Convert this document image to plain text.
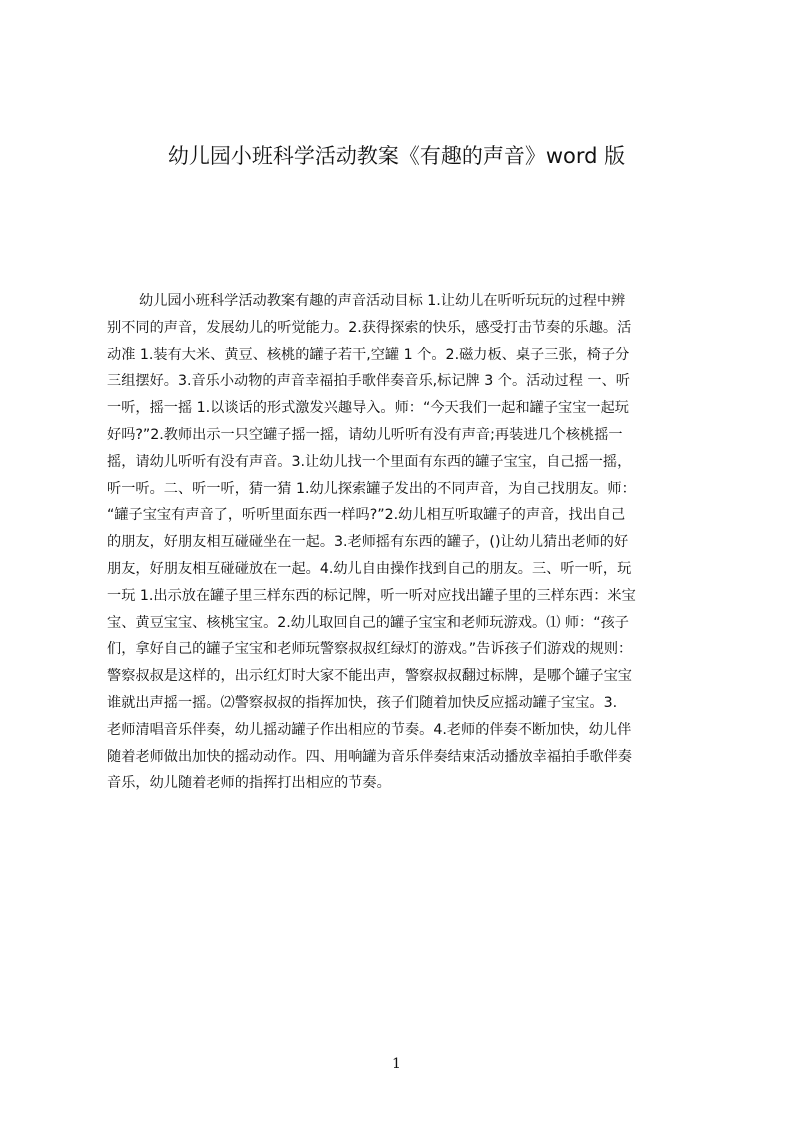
幼儿园小班科学活动教案《有趣的声音》word 版
幼儿园小班科学活动教案有趣的声音活动目标 1.让幼儿在听听玩玩的过程中辨
别不同的声音，发展幼儿的听觉能力。2.获得探索的快乐，感受打击节奏的乐趣。活
动准 1.装有大米、黄豆、核桃的罐子若干,空罐 1 个。2.磁力板、桌子三张，椅子分
三组摆好。3.音乐小动物的声音幸福拍手歌伴奏音乐,标记牌 3 个。活动过程 一、听
一听，摇一摇 1.以谈话的形式激发兴趣导入。师：“今天我们一起和罐子宝宝一起玩
好吗?”2.教师出示一只空罐子摇一摇，请幼儿听听有没有声音;再装进几个核桃摇一
摇，请幼儿听听有没有声音。3.让幼儿找一个里面有东西的罐子宝宝，自己摇一摇，
听一听。二、听一听，猜一猜 1.幼儿探索罐子发出的不同声音，为自己找朋友。师：
“罐子宝宝有声音了，听听里面东西一样吗?”2.幼儿相互听取罐子的声音，找出自己
的朋友，好朋友相互碰碰坐在一起。3.老师摇有东西的罐子，()让幼儿猜出老师的好
朋友，好朋友相互碰碰放在一起。4.幼儿自由操作找到自己的朋友。三、听一听，玩
一玩 1.出示放在罐子里三样东西的标记牌，听一听对应找出罐子里的三样东西：米宝
宝、黄豆宝宝、核桃宝宝。2.幼儿取回自己的罐子宝宝和老师玩游戏。⑴ 师：“孩子
们，拿好自己的罐子宝宝和老师玩警察叔叔红绿灯的游戏。”告诉孩子们游戏的规则：
警察叔叔是这样的，出示红灯时大家不能出声，警察叔叔翻过标牌，是哪个罐子宝宝
谁就出声摇一摇。⑵警察叔叔的指挥加快，孩子们随着加快反应摇动罐子宝宝。3.
老师清唱音乐伴奏，幼儿摇动罐子作出相应的节奏。4.老师的伴奏不断加快，幼儿伴
随着老师做出加快的摇动动作。四、用响罐为音乐伴奏结束活动播放幸福拍手歌伴奏
音乐，幼儿随着老师的指挥打出相应的节奏。
1
